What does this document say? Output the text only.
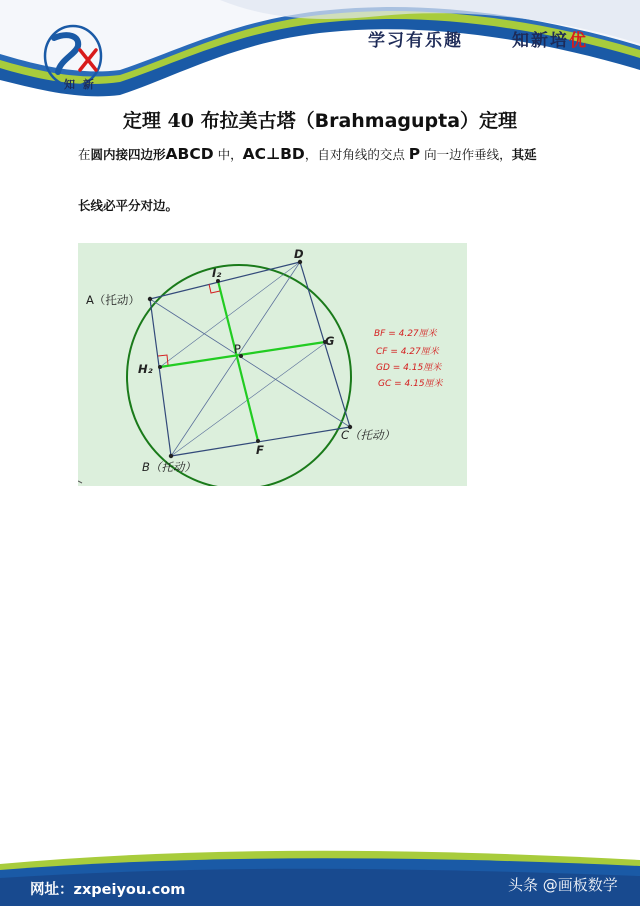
知 新
学习有乐趣	知新培优
定理 40 布拉美古塔（Brahmagupta）定理
在圆内接四边形ABCD 中，AC⊥BD，自对角线的交点 P 向一边作垂线，其延
长线必平分对边。
A（托动）
D
C（托动）
B（托动）
P
G
F
H₂
I₂
BF = 4.27厘米
CF = 4.27厘米
GD = 4.15厘米
GC = 4.15厘米
网址：zxpeiyou.com	头条 @画板数学
